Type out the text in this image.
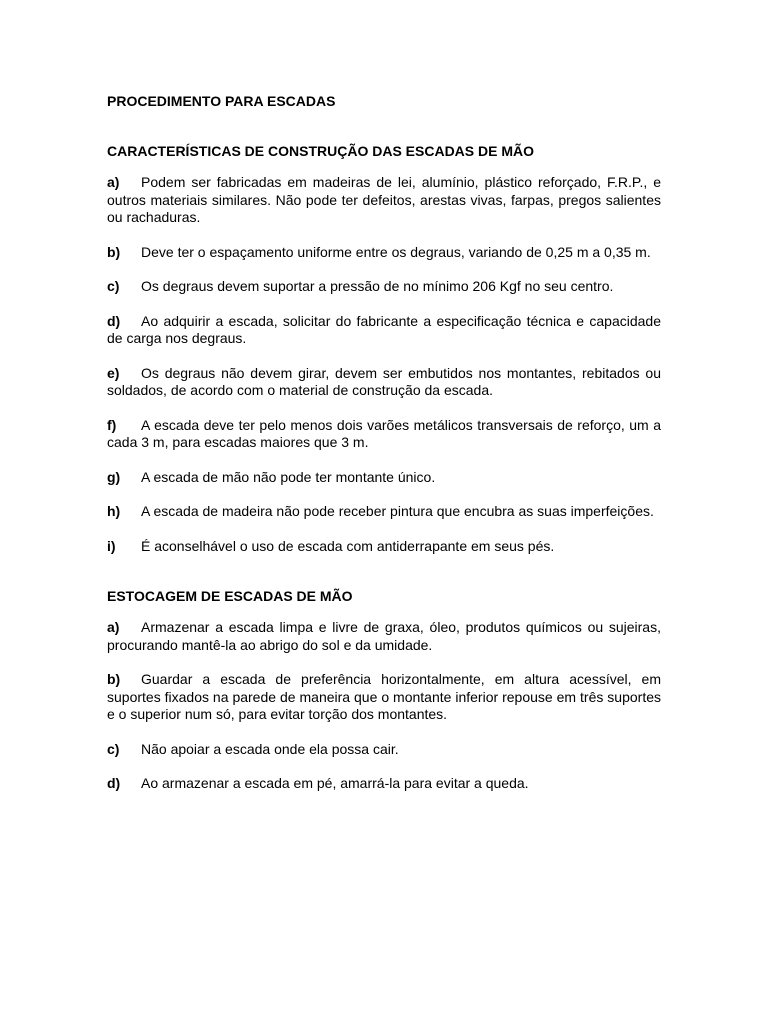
PROCEDIMENTO PARA ESCADAS

CARACTERÍSTICAS DE CONSTRUÇÃO DAS ESCADAS DE MÃO

a) Podem ser fabricadas em madeiras de lei, alumínio, plástico reforçado, F.R.P., e outros materiais similares. Não pode ter defeitos, arestas vivas, farpas, pregos salientes ou rachaduras.

b) Deve ter o espaçamento uniforme entre os degraus, variando de 0,25 m a 0,35 m.

c) Os degraus devem suportar a pressão de no mínimo 206 Kgf no seu centro.

d) Ao adquirir a escada, solicitar do fabricante a especificação técnica e capacidade de carga nos degraus.

e) Os degraus não devem girar, devem ser embutidos nos montantes, rebitados ou soldados, de acordo com o material de construção da escada.

f) A escada deve ter pelo menos dois varões metálicos transversais de reforço, um a cada 3 m, para escadas maiores que 3 m.

g) A escada de mão não pode ter montante único.

h) A escada de madeira não pode receber pintura que encubra as suas imperfeições.

i) É aconselhável o uso de escada com antiderrapante em seus pés.

ESTOCAGEM DE ESCADAS DE MÃO

a) Armazenar a escada limpa e livre de graxa, óleo, produtos químicos ou sujeiras, procurando mantê-la ao abrigo do sol e da umidade.

b) Guardar a escada de preferência horizontalmente, em altura acessível, em suportes fixados na parede de maneira que o montante inferior repouse em três suportes e o superior num só, para evitar torção dos montantes.

c) Não apoiar a escada onde ela possa cair.

d) Ao armazenar a escada em pé, amarrá-la para evitar a queda.
